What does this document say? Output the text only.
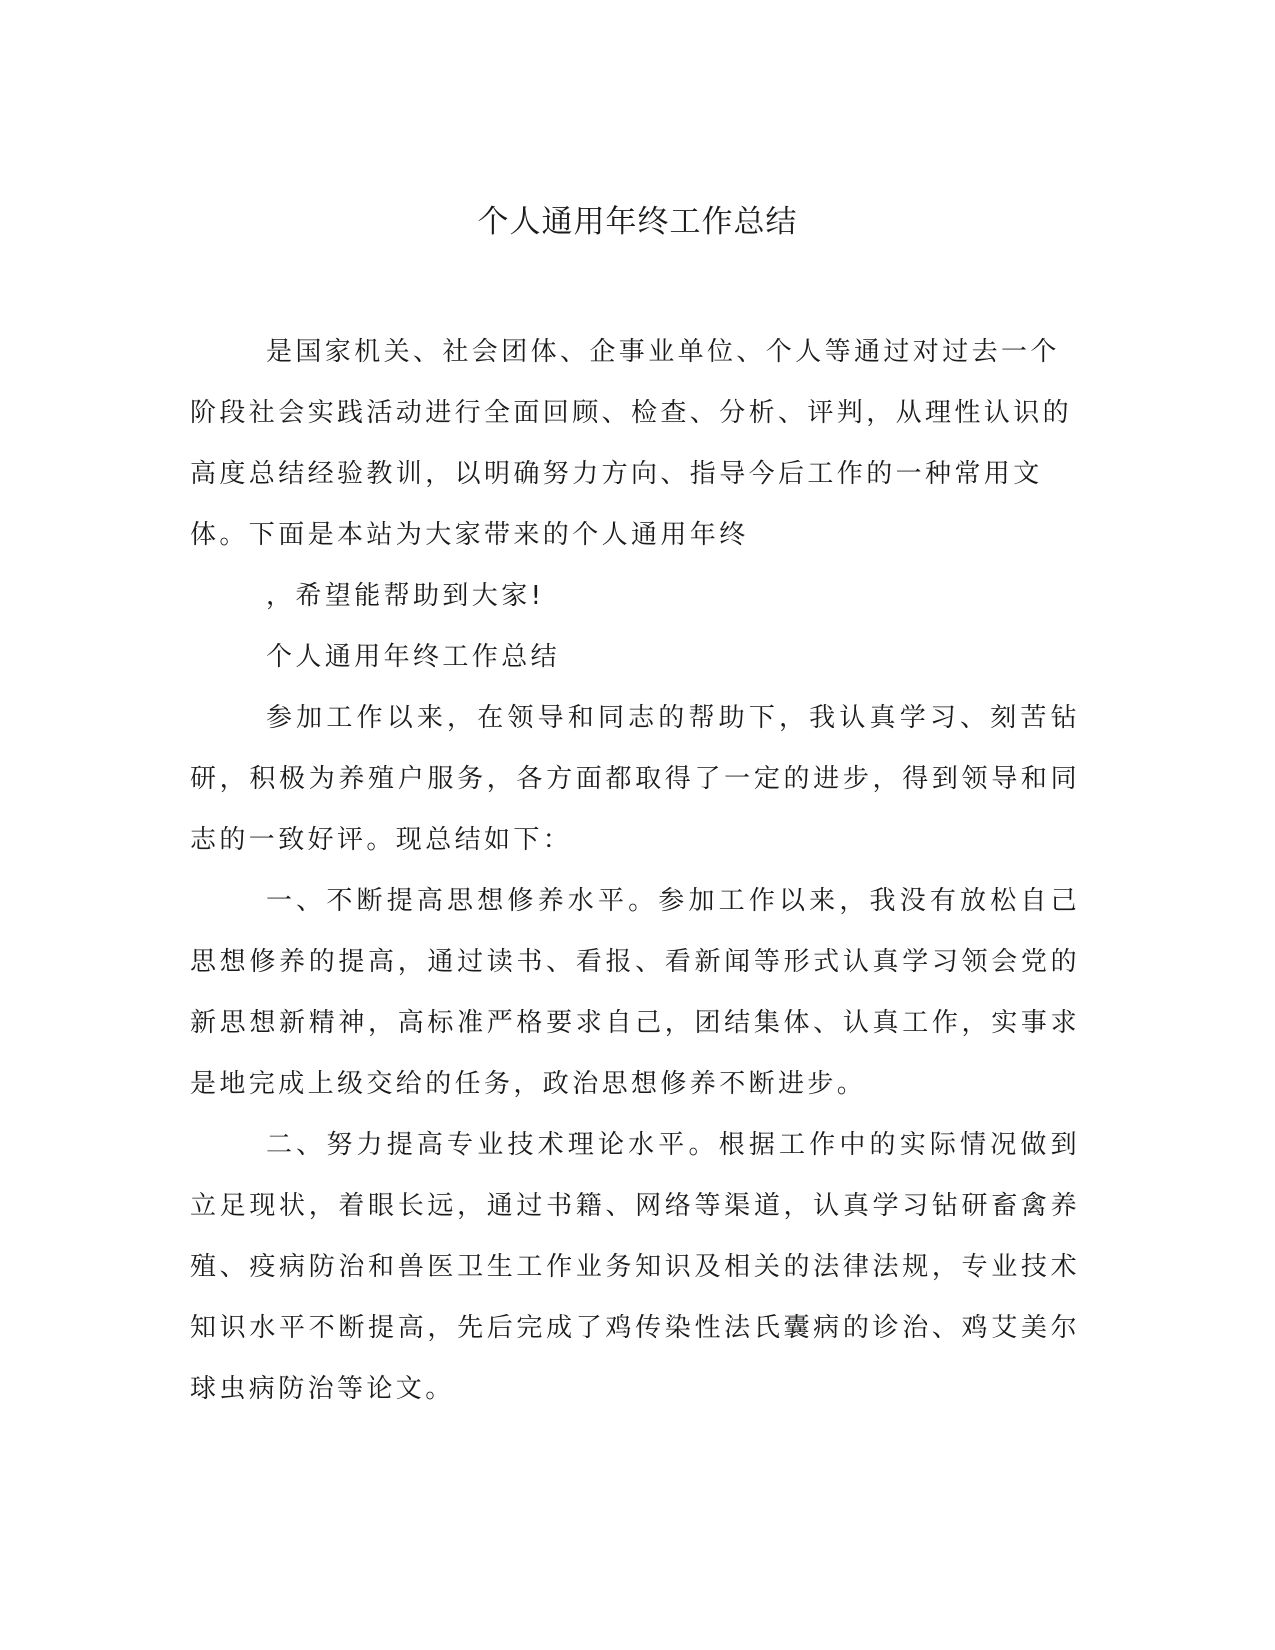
个人通用年终工作总结

是国家机关、社会团体、企事业单位、个人等通过对过去一个阶段社会实践活动进行全面回顾、检查、分析、评判，从理性认识的高度总结经验教训，以明确努力方向、指导今后工作的一种常用文体。下面是本站为大家带来的个人通用年终

，希望能帮助到大家!

个人通用年终工作总结

参加工作以来，在领导和同志的帮助下，我认真学习、刻苦钻研，积极为养殖户服务，各方面都取得了一定的进步，得到领导和同志的一致好评。现总结如下：

一、不断提高思想修养水平。参加工作以来，我没有放松自己思想修养的提高，通过读书、看报、看新闻等形式认真学习领会党的新思想新精神，高标准严格要求自己，团结集体、认真工作，实事求是地完成上级交给的任务，政治思想修养不断进步。

二、努力提高专业技术理论水平。根据工作中的实际情况做到立足现状，着眼长远，通过书籍、网络等渠道，认真学习钻研畜禽养殖、疫病防治和兽医卫生工作业务知识及相关的法律法规，专业技术知识水平不断提高，先后完成了鸡传染性法氏囊病的诊治、鸡艾美尔球虫病防治等论文。
